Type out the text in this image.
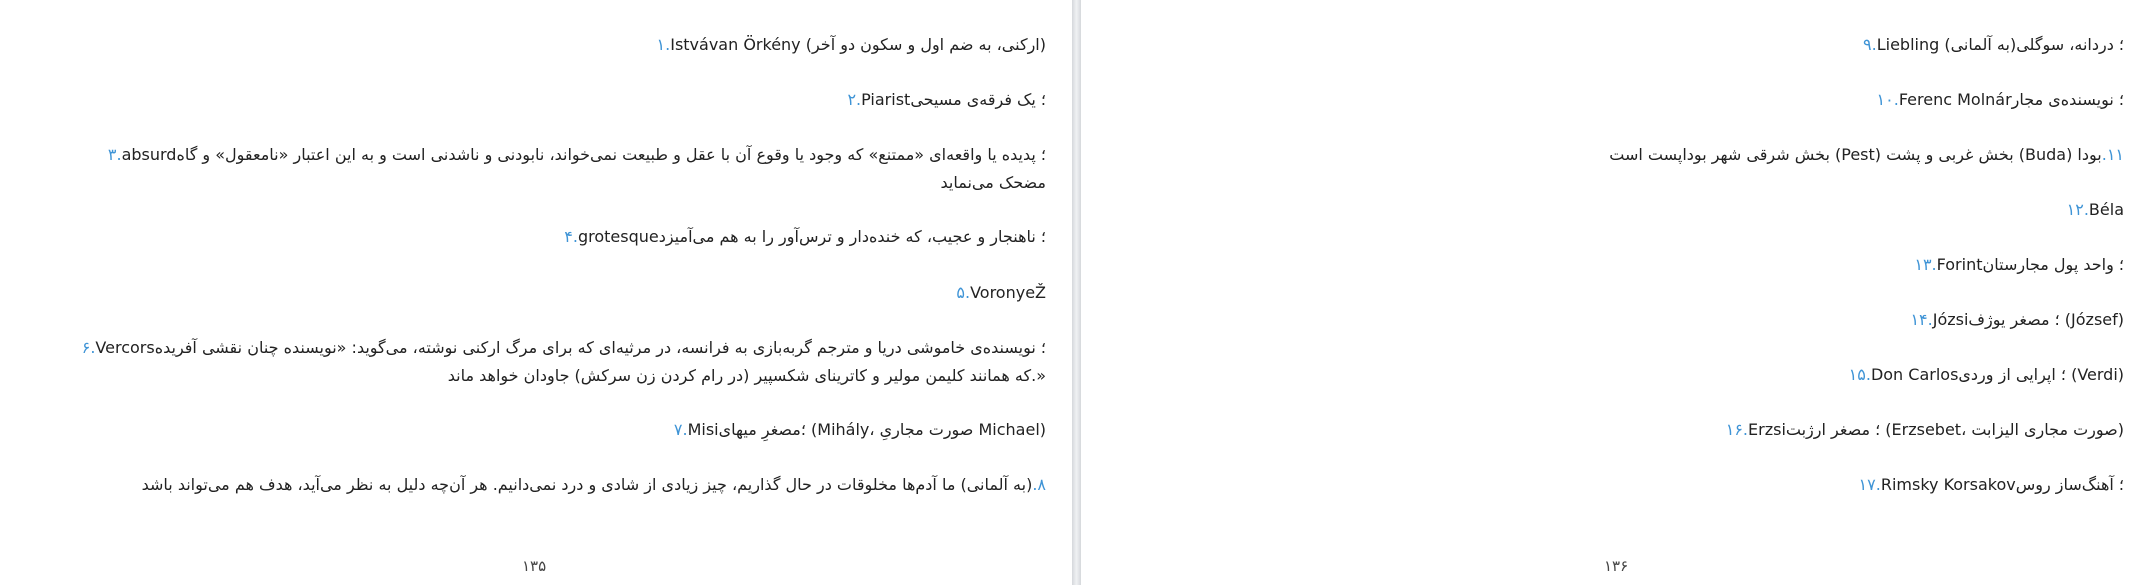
۱.Istvávan Örkény (ارکنی، به ضم اول و سکون دو آخر)
۲.Piarist؛ یک فرقه‌ی مسیحی
۳.absurd؛ پدیده یا واقعه‌ای «ممتنع» که وجود یا وقوع آن با عقل و طبیعت نمی‌خواند، نابودنی و ناشدنی است و به این اعتبار «نامعقول» و گاه مضحک می‌نماید
۴.grotesque؛ ناهنجار و عجیب، که خنده‌دار و ترس‌آور را به هم می‌آمیزد
۵.VoronyeŽ
۶.Vercors؛ نویسنده‌ی خاموشی دریا و مترجم گربه‌بازی به فرانسه، در مرثیه‌ای که برای مرگ ارکنی نوشته، می‌گوید: «نویسنده چنان نقشی آفریده که همانند کلیمن مولیر و کاترینای شکسپیر (در رام کردن زن سرکش) جاودان خواهد ماند.»
۷.Misi؛مصغرِ میهای (Mihály، صورت مجاریِ Michael)
۸.(به آلمانی) ما آدم‌ها مخلوقات در حال گذاریم، چیز زیادی از شادی و درد نمی‌دانیم. هر آن‌چه دلیل به نظر می‌آید، هدف هم می‌تواند باشد
۱۳۵
۹.Liebling (به آلمانی)؛ دردانه، سوگلی
۱۰.Ferenc Molnár؛ نویسنده‌ی مجار
۱۱.بودا (Buda) بخش غربی و پشت (Pest) بخش شرقی شهر بوداپست است
۱۲.Béla
۱۳.Forint؛ واحد پول مجارستان
۱۴.Józsi؛ مصغر یوژف (József)
۱۵.Don Carlos؛ اپرایی از وردی (Verdi)
۱۶.Erzsi؛ مصغر ارژبت (Erzsebet، صورت مجاری الیزابت)
۱۷.Rimsky Korsakov؛ آهنگ‌ساز روس
۱۳۶
